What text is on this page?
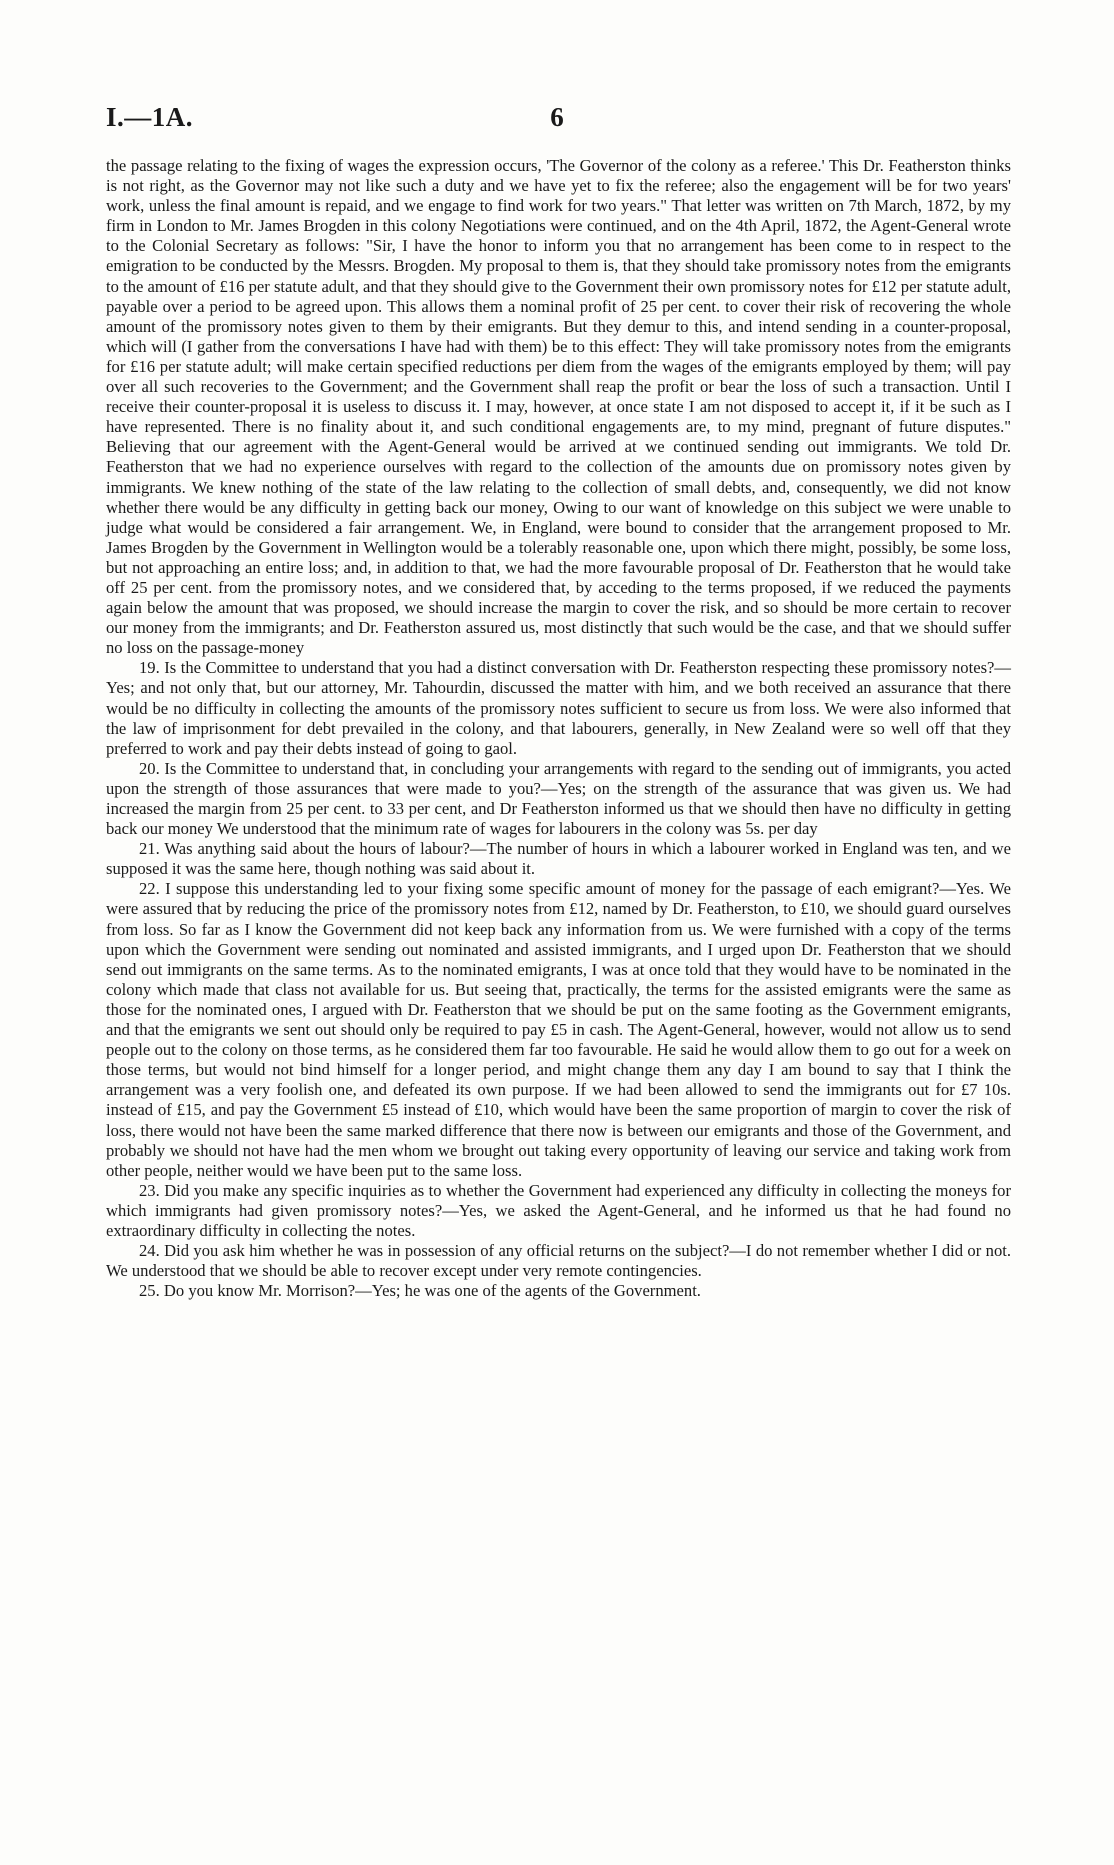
I.—1A.	6

the passage relating to the fixing of wages the expression occurs, 'The Governor of the colony as a referee.' This Dr. Featherston thinks is not right, as the Governor may not like such a duty and we have yet to fix the referee; also the engagement will be for two years' work, unless the final amount is repaid, and we engage to find work for two years." That letter was written on 7th March, 1872, by my firm in London to Mr. James Brogden in this colony Negotiations were continued, and on the 4th April, 1872, the Agent-General wrote to the Colonial Secretary as follows: "Sir, I have the honor to inform you that no arrangement has been come to in respect to the emigration to be conducted by the Messrs. Brogden. My proposal to them is, that they should take promissory notes from the emigrants to the amount of £16 per statute adult, and that they should give to the Government their own promissory notes for £12 per statute adult, payable over a period to be agreed upon. This allows them a nominal profit of 25 per cent. to cover their risk of recovering the whole amount of the promissory notes given to them by their emigrants. But they demur to this, and intend sending in a counter-proposal, which will (I gather from the conversations I have had with them) be to this effect: They will take promissory notes from the emigrants for £16 per statute adult; will make certain specified reductions per diem from the wages of the emigrants employed by them; will pay over all such recoveries to the Government; and the Government shall reap the profit or bear the loss of such a transaction. Until I receive their counter-proposal it is useless to discuss it. I may, however, at once state I am not disposed to accept it, if it be such as I have represented. There is no finality about it, and such conditional engagements are, to my mind, pregnant of future disputes." Believing that our agreement with the Agent-General would be arrived at we continued sending out immigrants. We told Dr. Featherston that we had no experience ourselves with regard to the collection of the amounts due on promissory notes given by immigrants. We knew nothing of the state of the law relating to the collection of small debts, and, consequently, we did not know whether there would be any difficulty in getting back our money, Owing to our want of knowledge on this subject we were unable to judge what would be considered a fair arrangement. We, in England, were bound to consider that the arrangement proposed to Mr. James Brogden by the Government in Wellington would be a tolerably reasonable one, upon which there might, possibly, be some loss, but not approaching an entire loss; and, in addition to that, we had the more favourable proposal of Dr. Featherston that he would take off 25 per cent. from the promissory notes, and we considered that, by acceding to the terms proposed, if we reduced the payments again below the amount that was proposed, we should increase the margin to cover the risk, and so should be more certain to recover our money from the immigrants; and Dr. Featherston assured us, most distinctly that such would be the case, and that we should suffer no loss on the passage-money

19. Is the Committee to understand that you had a distinct conversation with Dr. Featherston respecting these promissory notes?—Yes; and not only that, but our attorney, Mr. Tahourdin, discussed the matter with him, and we both received an assurance that there would be no difficulty in collecting the amounts of the promissory notes sufficient to secure us from loss. We were also informed that the law of imprisonment for debt prevailed in the colony, and that labourers, generally, in New Zealand were so well off that they preferred to work and pay their debts instead of going to gaol.

20. Is the Committee to understand that, in concluding your arrangements with regard to the sending out of immigrants, you acted upon the strength of those assurances that were made to you?—Yes; on the strength of the assurance that was given us. We had increased the margin from 25 per cent. to 33 per cent, and Dr Featherston informed us that we should then have no difficulty in getting back our money We understood that the minimum rate of wages for labourers in the colony was 5s. per day

21. Was anything said about the hours of labour?—The number of hours in which a labourer worked in England was ten, and we supposed it was the same here, though nothing was said about it.

22. I suppose this understanding led to your fixing some specific amount of money for the passage of each emigrant?—Yes. We were assured that by reducing the price of the promissory notes from £12, named by Dr. Featherston, to £10, we should guard ourselves from loss. So far as I know the Government did not keep back any information from us. We were furnished with a copy of the terms upon which the Government were sending out nominated and assisted immigrants, and I urged upon Dr. Featherston that we should send out immigrants on the same terms. As to the nominated emigrants, I was at once told that they would have to be nominated in the colony which made that class not available for us. But seeing that, practically, the terms for the assisted emigrants were the same as those for the nominated ones, I argued with Dr. Featherston that we should be put on the same footing as the Government emigrants, and that the emigrants we sent out should only be required to pay £5 in cash. The Agent-General, however, would not allow us to send people out to the colony on those terms, as he considered them far too favourable. He said he would allow them to go out for a week on those terms, but would not bind himself for a longer period, and might change them any day I am bound to say that I think the arrangement was a very foolish one, and defeated its own purpose. If we had been allowed to send the immigrants out for £7 10s. instead of £15, and pay the Government £5 instead of £10, which would have been the same proportion of margin to cover the risk of loss, there would not have been the same marked difference that there now is between our emigrants and those of the Government, and probably we should not have had the men whom we brought out taking every opportunity of leaving our service and taking work from other people, neither would we have been put to the same loss.

23. Did you make any specific inquiries as to whether the Government had experienced any difficulty in collecting the moneys for which immigrants had given promissory notes?—Yes, we asked the Agent-General, and he informed us that he had found no extraordinary difficulty in collecting the notes.

24. Did you ask him whether he was in possession of any official returns on the subject?—I do not remember whether I did or not. We understood that we should be able to recover except under very remote contingencies.

25. Do you know Mr. Morrison?—Yes; he was one of the agents of the Government.
